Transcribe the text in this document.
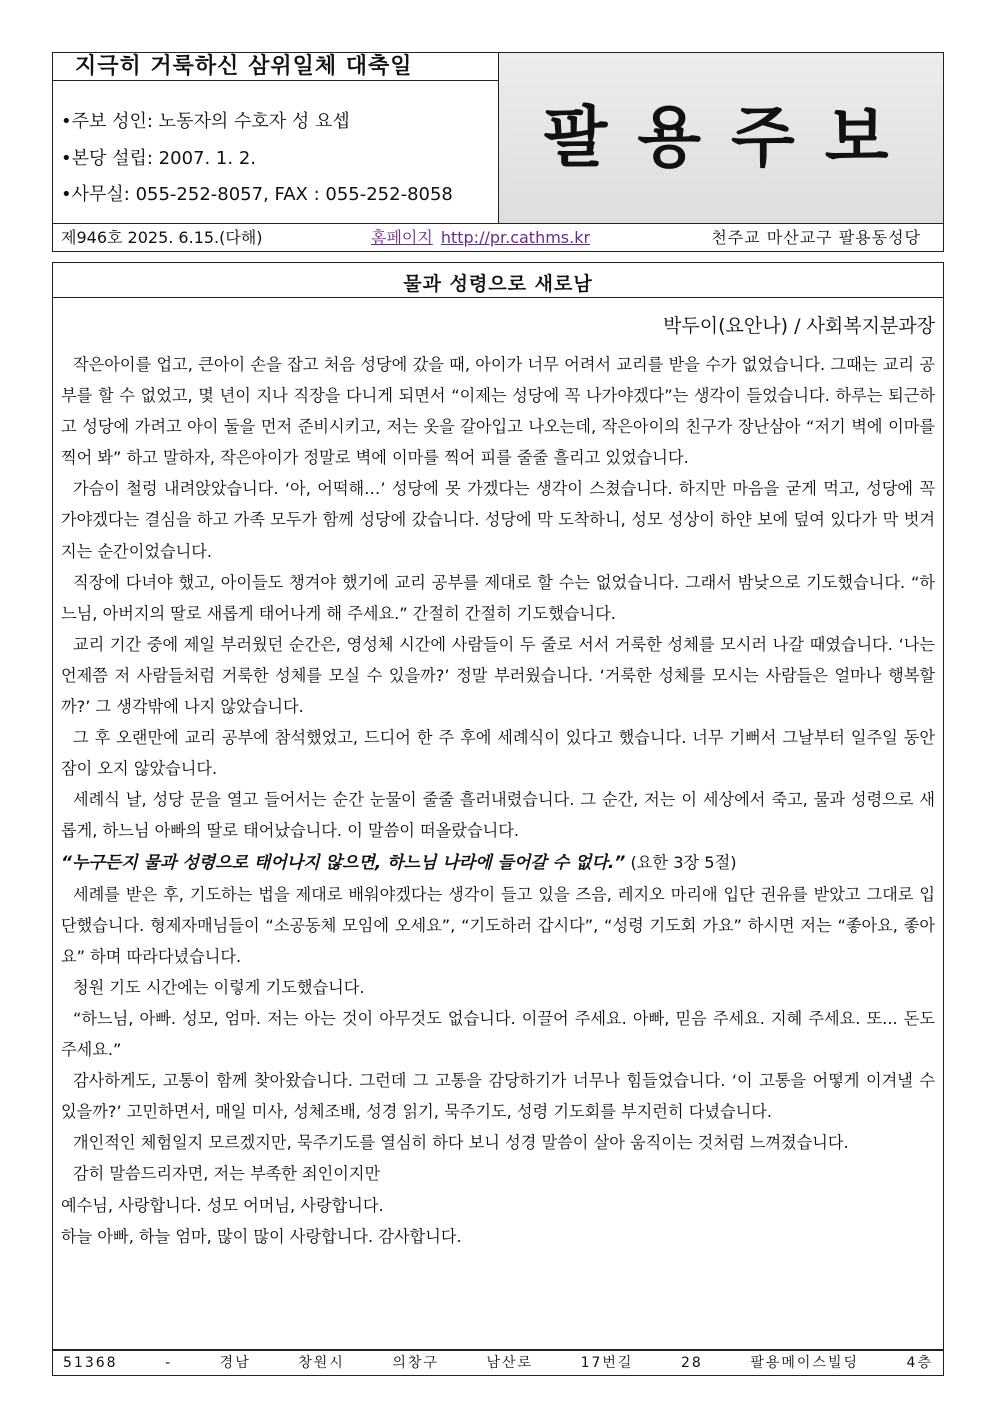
지극히 거룩하신 삼위일체 대축일
•주보 성인: 노동자의 수호자 성 요셉
•본당 설립: 2007. 1. 2.
•사무실: 055-252-8057, FAX : 055-252-8058
팔용주보
제946호 2025. 6.15.(다해)	홈페이지 http://pr.cathms.kr	천주교 마산교구 팔용동성당
물과 성령으로 새로남
박두이(요안나) / 사회복지분과장

작은아이를 업고, 큰아이 손을 잡고 처음 성당에 갔을 때, 아이가 너무 어려서 교리를 받을 수가 없었습니다. 그때는 교리 공부를 할 수 없었고, 몇 년이 지나 직장을 다니게 되면서 “이제는 성당에 꼭 나가야겠다”는 생각이 들었습니다. 하루는 퇴근하고 성당에 가려고 아이 둘을 먼저 준비시키고, 저는 옷을 갈아입고 나오는데, 작은아이의 친구가 장난삼아 “저기 벽에 이마를 찍어 봐” 하고 말하자, 작은아이가 정말로 벽에 이마를 찍어 피를 줄줄 흘리고 있었습니다.

가슴이 철렁 내려앉았습니다. ‘아, 어떡해…’ 성당에 못 가겠다는 생각이 스쳤습니다. 하지만 마음을 굳게 먹고, 성당에 꼭 가야겠다는 결심을 하고 가족 모두가 함께 성당에 갔습니다. 성당에 막 도착하니, 성모 성상이 하얀 보에 덮여 있다가 막 벗겨지는 순간이었습니다.

직장에 다녀야 했고, 아이들도 챙겨야 했기에 교리 공부를 제대로 할 수는 없었습니다. 그래서 밤낮으로 기도했습니다. “하느님, 아버지의 딸로 새롭게 태어나게 해 주세요.” 간절히 간절히 기도했습니다.

교리 기간 중에 제일 부러웠던 순간은, 영성체 시간에 사람들이 두 줄로 서서 거룩한 성체를 모시러 나갈 때였습니다. ‘나는 언제쯤 저 사람들처럼 거룩한 성체를 모실 수 있을까?’ 정말 부러웠습니다. ‘거룩한 성체를 모시는 사람들은 얼마나 행복할까?’ 그 생각밖에 나지 않았습니다.

그 후 오랜만에 교리 공부에 참석했었고, 드디어 한 주 후에 세례식이 있다고 했습니다. 너무 기뻐서 그날부터 일주일 동안 잠이 오지 않았습니다.

세례식 날, 성당 문을 열고 들어서는 순간 눈물이 줄줄 흘러내렸습니다. 그 순간, 저는 이 세상에서 죽고, 물과 성령으로 새롭게, 하느님 아빠의 딸로 태어났습니다. 이 말씀이 떠올랐습니다.

“누구든지 물과 성령으로 태어나지 않으면, 하느님 나라에 들어갈 수 없다.” (요한 3장 5절)

세례를 받은 후, 기도하는 법을 제대로 배워야겠다는 생각이 들고 있을 즈음, 레지오 마리애 입단 권유를 받았고 그대로 입단했습니다. 형제자매님들이 “소공동체 모임에 오세요”, “기도하러 갑시다”, “성령 기도회 가요” 하시면 저는 “좋아요, 좋아요” 하며 따라다녔습니다.

청원 기도 시간에는 이렇게 기도했습니다.

“하느님, 아빠. 성모, 엄마. 저는 아는 것이 아무것도 없습니다. 이끌어 주세요. 아빠, 믿음 주세요. 지혜 주세요. 또... 돈도 주세요.”

감사하게도, 고통이 함께 찾아왔습니다. 그런데 그 고통을 감당하기가 너무나 힘들었습니다. ‘이 고통을 어떻게 이겨낼 수 있을까?’ 고민하면서, 매일 미사, 성체조배, 성경 읽기, 묵주기도, 성령 기도회를 부지런히 다녔습니다.

개인적인 체험일지 모르겠지만, 묵주기도를 열심히 하다 보니 성경 말씀이 살아 움직이는 것처럼 느껴졌습니다.

감히 말씀드리자면, 저는 부족한 죄인이지만

예수님, 사랑합니다. 성모 어머님, 사랑합니다.

하늘 아빠, 하늘 엄마, 많이 많이 사랑합니다. 감사합니다.

51368 - 경남 창원시 의창구 남산로 17번길 28 팔용메이스빌딩 4층
